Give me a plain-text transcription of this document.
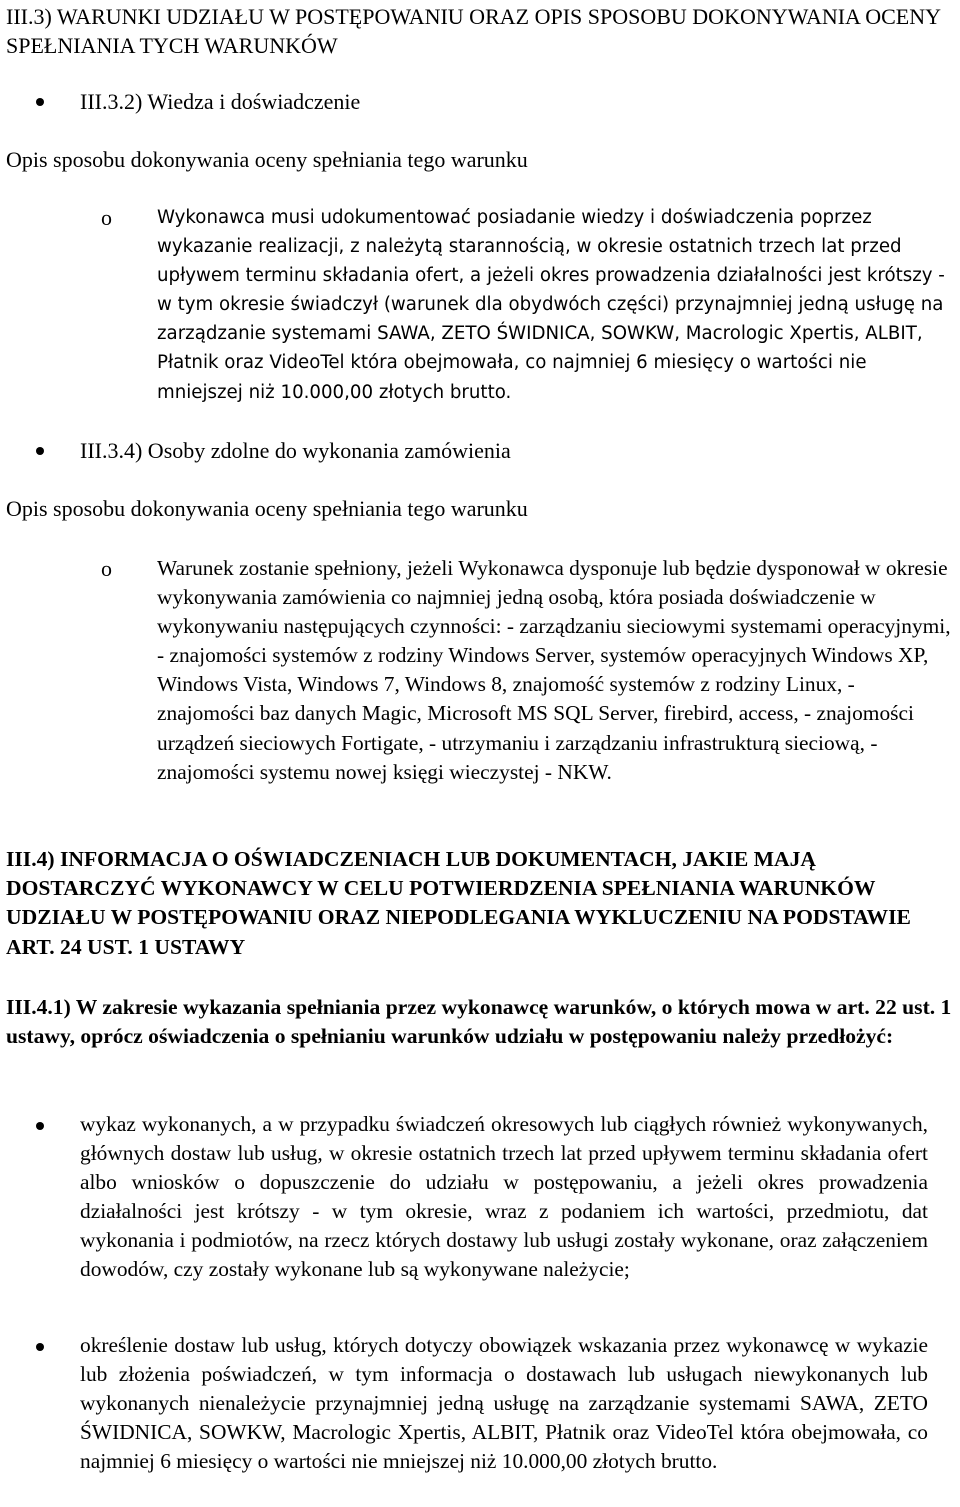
III.3) WARUNKI UDZIAŁU W POSTĘPOWANIU ORAZ OPIS SPOSOBU DOKONYWANIA OCENY SPEŁNIANIA TYCH WARUNKÓW
III.3.2) Wiedza i doświadczenie
Opis sposobu dokonywania oceny spełniania tego warunku
o Wykonawca musi udokumentować posiadanie wiedzy i doświadczenia poprzez wykazanie realizacji, z należytą starannością, w okresie ostatnich trzech lat przed upływem terminu składania ofert, a jeżeli okres prowadzenia działalności jest krótszy - w tym okresie świadczył (warunek dla obydwóch części) przynajmniej jedną usługę na zarządzanie systemami SAWA, ZETO ŚWIDNICA, SOWKW, Macrologic Xpertis, ALBIT, Płatnik oraz VideoTel która obejmowała, co najmniej 6 miesięcy o wartości nie mniejszej niż 10.000,00 złotych brutto.
III.3.4) Osoby zdolne do wykonania zamówienia
Opis sposobu dokonywania oceny spełniania tego warunku
o Warunek zostanie spełniony, jeżeli Wykonawca dysponuje lub będzie dysponował w okresie wykonywania zamówienia co najmniej jedną osobą, która posiada doświadczenie w wykonywaniu następujących czynności: - zarządzaniu sieciowymi systemami operacyjnymi, - znajomości systemów z rodziny Windows Server, systemów operacyjnych Windows XP, Windows Vista, Windows 7, Windows 8, znajomość systemów z rodziny Linux, - znajomości baz danych Magic, Microsoft MS SQL Server, firebird, access, - znajomości urządzeń sieciowych Fortigate, - utrzymaniu i zarządzaniu infrastrukturą sieciową, - znajomości systemu nowej księgi wieczystej - NKW.
III.4) INFORMACJA O OŚWIADCZENIACH LUB DOKUMENTACH, JAKIE MAJĄ DOSTARCZYĆ WYKONAWCY W CELU POTWIERDZENIA SPEŁNIANIA WARUNKÓW UDZIAŁU W POSTĘPOWANIU ORAZ NIEPODLEGANIA WYKLUCZENIU NA PODSTAWIE ART. 24 UST. 1 USTAWY
III.4.1) W zakresie wykazania spełniania przez wykonawcę warunków, o których mowa w art. 22 ust. 1 ustawy, oprócz oświadczenia o spełnianiu warunków udziału w postępowaniu należy przedłożyć:
wykaz wykonanych, a w przypadku świadczeń okresowych lub ciągłych również wykonywanych, głównych dostaw lub usług, w okresie ostatnich trzech lat przed upływem terminu składania ofert albo wniosków o dopuszczenie do udziału w postępowaniu, a jeżeli okres prowadzenia działalności jest krótszy - w tym okresie, wraz z podaniem ich wartości, przedmiotu, dat wykonania i podmiotów, na rzecz których dostawy lub usługi zostały wykonane, oraz załączeniem dowodów, czy zostały wykonane lub są wykonywane należycie;
określenie dostaw lub usług, których dotyczy obowiązek wskazania przez wykonawcę w wykazie lub złożenia poświadczeń, w tym informacja o dostawach lub usługach niewykonanych lub wykonanych nienależycie przynajmniej jedną usługę na zarządzanie systemami SAWA, ZETO ŚWIDNICA, SOWKW, Macrologic Xpertis, ALBIT, Płatnik oraz VideoTel która obejmowała, co najmniej 6 miesięcy o wartości nie mniejszej niż 10.000,00 złotych brutto.
